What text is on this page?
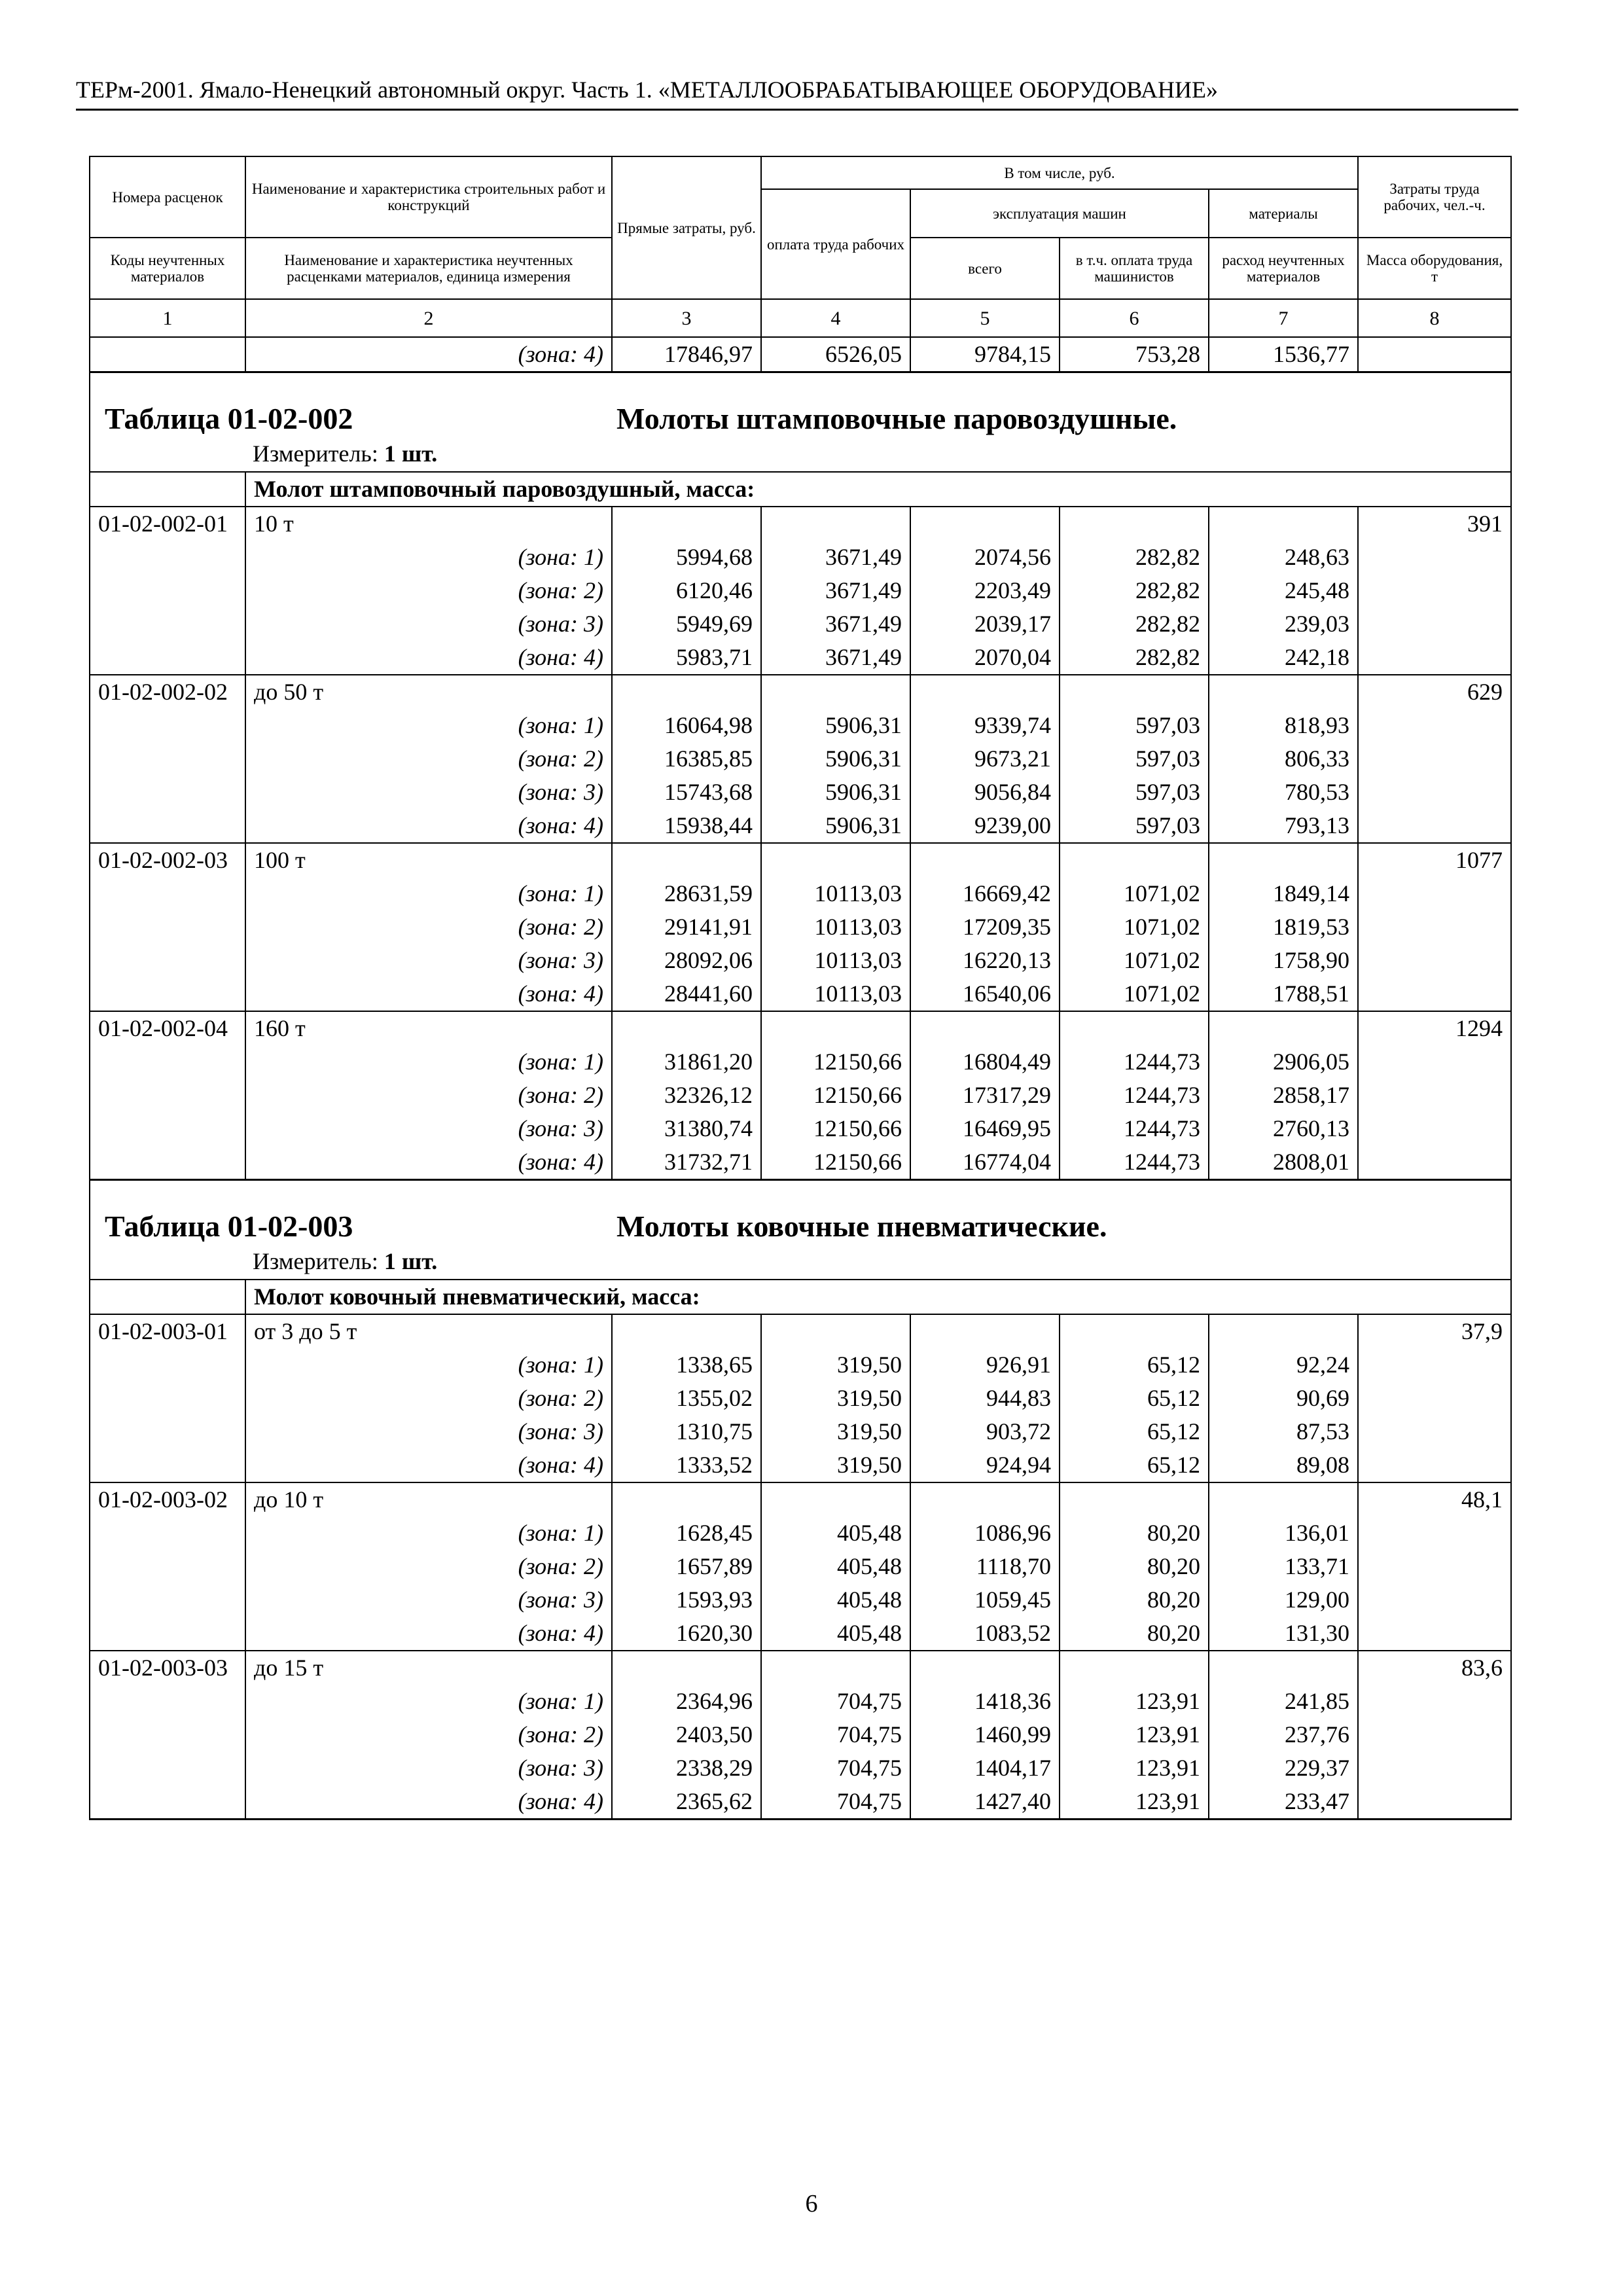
ТЕРм-2001. Ямало-Ненецкий автономный округ. Часть 1. «МЕТАЛЛООБРАБАТЫВАЮЩЕЕ ОБОРУДОВАНИЕ»
Номера расценок	Наименование и характеристика строительных работ и конструкций	Прямые затраты, руб.	В том числе, руб.				Затраты труда рабочих, чел.-ч.
			оплата труда рабочих	эксплуатация машин		материалы	
Коды неучтенных материалов	Наименование и характеристика неучтенных расценками материалов, единица измерения			всего	в т.ч. оплата труда машинистов	расход неучтенных материалов	Масса оборудования, т
1	2	3	4	5	6	7	8
	(зона: 4)	17846,97	6526,05	9784,15	753,28	1536,77	

Таблица 01-02-002 Молоты штамповочные паровоздушные.
Измеритель: 1 шт.							

	Молот штамповочный паровоздушный, масса:						
01-02-002-01	10 т						391
	(зона: 1)	5994,68	3671,49	2074,56	282,82	248,63	
	(зона: 2)	6120,46	3671,49	2203,49	282,82	245,48	
	(зона: 3)	5949,69	3671,49	2039,17	282,82	239,03	
	(зона: 4)	5983,71	3671,49	2070,04	282,82	242,18	
01-02-002-02	до 50 т						629
	(зона: 1)	16064,98	5906,31	9339,74	597,03	818,93	
	(зона: 2)	16385,85	5906,31	9673,21	597,03	806,33	
	(зона: 3)	15743,68	5906,31	9056,84	597,03	780,53	
	(зона: 4)	15938,44	5906,31	9239,00	597,03	793,13	
01-02-002-03	100 т						1077
	(зона: 1)	28631,59	10113,03	16669,42	1071,02	1849,14	
	(зона: 2)	29141,91	10113,03	17209,35	1071,02	1819,53	
	(зона: 3)	28092,06	10113,03	16220,13	1071,02	1758,90	
	(зона: 4)	28441,60	10113,03	16540,06	1071,02	1788,51	
01-02-002-04	160 т						1294
	(зона: 1)	31861,20	12150,66	16804,49	1244,73	2906,05	
	(зона: 2)	32326,12	12150,66	17317,29	1244,73	2858,17	
	(зона: 3)	31380,74	12150,66	16469,95	1244,73	2760,13	
	(зона: 4)	31732,71	12150,66	16774,04	1244,73	2808,01	

Таблица 01-02-003 Молоты ковочные пневматические.
Измеритель: 1 шт.							

	Молот ковочный пневматический, масса:						
01-02-003-01	от 3 до 5 т						37,9
	(зона: 1)	1338,65	319,50	926,91	65,12	92,24	
	(зона: 2)	1355,02	319,50	944,83	65,12	90,69	
	(зона: 3)	1310,75	319,50	903,72	65,12	87,53	
	(зона: 4)	1333,52	319,50	924,94	65,12	89,08	
01-02-003-02	до 10 т						48,1
	(зона: 1)	1628,45	405,48	1086,96	80,20	136,01	
	(зона: 2)	1657,89	405,48	1118,70	80,20	133,71	
	(зона: 3)	1593,93	405,48	1059,45	80,20	129,00	
	(зона: 4)	1620,30	405,48	1083,52	80,20	131,30	
01-02-003-03	до 15 т						83,6
	(зона: 1)	2364,96	704,75	1418,36	123,91	241,85	
	(зона: 2)	2403,50	704,75	1460,99	123,91	237,76	
	(зона: 3)	2338,29	704,75	1404,17	123,91	229,37	
	(зона: 4)	2365,62	704,75	1427,40	123,91	233,47	
6
